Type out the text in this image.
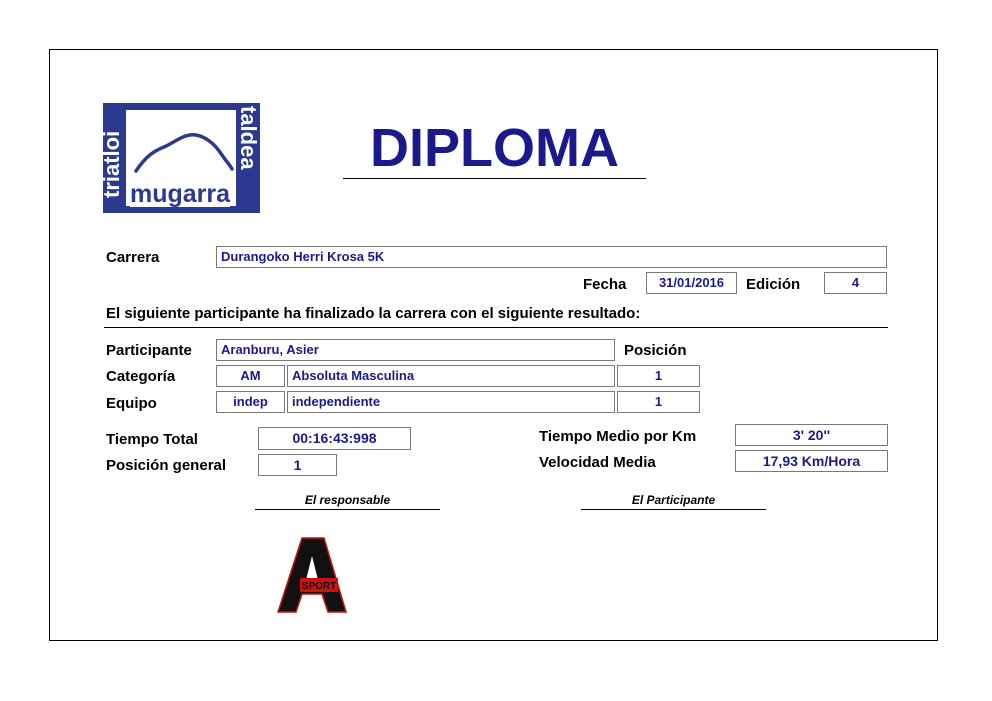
triatloi	taldea
mugarra
DIPLOMA
Carrera	Durangoko Herri Krosa 5K
Fecha	31/01/2016	Edición	4
El siguiente participante ha finalizado la carrera con el siguiente resultado:
Participante	Aranburu, Asier	Posición
Categoría	AM	Absoluta Masculina	1
Equipo	indep	independiente	1
Tiempo Total	00:16:43:998
Posición general	1
Tiempo Medio por Km	3' 20''
Velocidad Media	17,93 Km/Hora
El responsable	El Participante
SPORT
